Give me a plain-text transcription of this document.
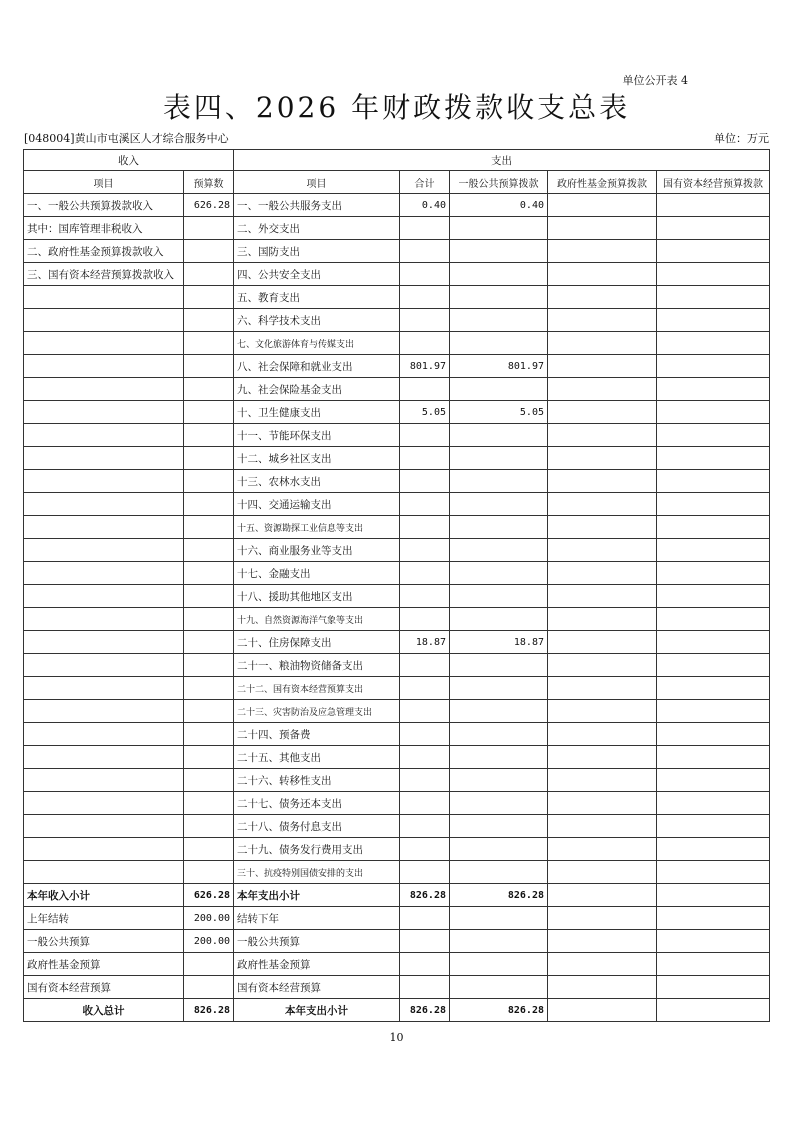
单位公开表 4
表四、2026 年财政拨款收支总表
[048004]黄山市屯溪区人才综合服务中心	单位：万元
收入		支出				
项目	预算数	项目	合计	一般公共预算拨款	政府性基金预算拨款	国有资本经营预算拨款
一、一般公共预算拨款收入	626.28	一、一般公共服务支出	0.40	0.40		
其中：国库管理非税收入		二、外交支出				
二、政府性基金预算拨款收入		三、国防支出				
三、国有资本经营预算拨款收入		四、公共安全支出				
		五、教育支出				
		六、科学技术支出				
		七、文化旅游体育与传媒支出				
		八、社会保障和就业支出	801.97	801.97		
		九、社会保险基金支出				
		十、卫生健康支出	5.05	5.05		
		十一、节能环保支出				
		十二、城乡社区支出				
		十三、农林水支出				
		十四、交通运输支出				
		十五、资源勘探工业信息等支出				
		十六、商业服务业等支出				
		十七、金融支出				
		十八、援助其他地区支出				
		十九、自然资源海洋气象等支出				
		二十、住房保障支出	18.87	18.87		
		二十一、粮油物资储备支出				
		二十二、国有资本经营预算支出				
		二十三、灾害防治及应急管理支出				
		二十四、预备费				
		二十五、其他支出				
		二十六、转移性支出				
		二十七、债务还本支出				
		二十八、债务付息支出				
		二十九、债务发行费用支出				
		三十、抗疫特别国债安排的支出				
本年收入小计	626.28	本年支出小计	826.28	826.28		
上年结转	200.00	结转下年				
一般公共预算	200.00	一般公共预算				
政府性基金预算		政府性基金预算				
国有资本经营预算		国有资本经营预算				
收入总计	826.28	本年支出小计	826.28	826.28		
10
